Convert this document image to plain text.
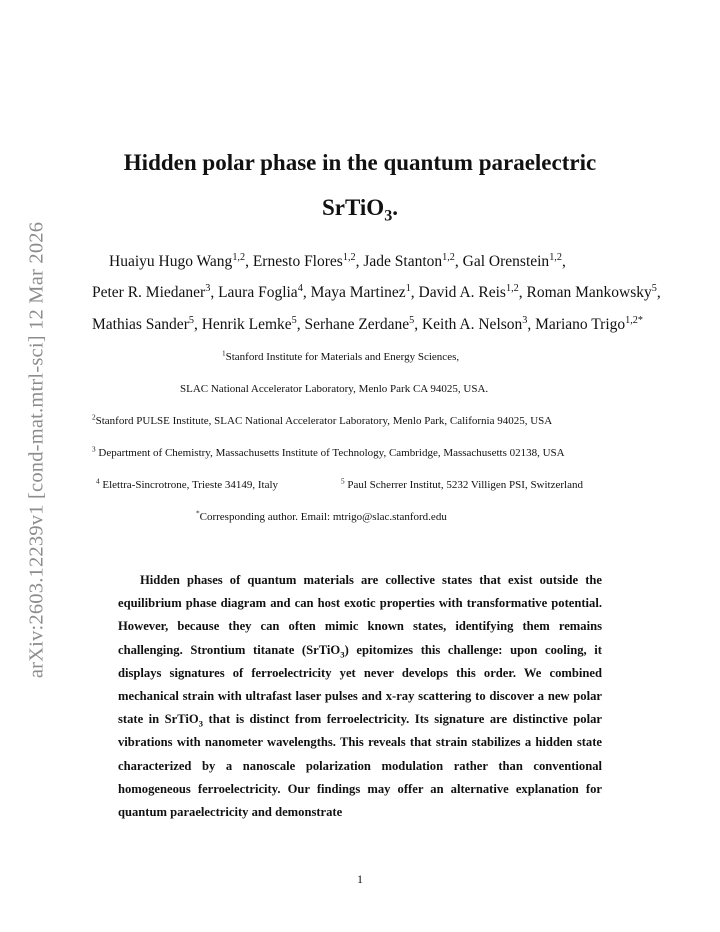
arXiv:2603.12239v1 [cond-mat.mtrl-sci] 12 Mar 2026
Hidden polar phase in the quantum paraelectric
SrTiO$_3$.
Huaiyu Hugo Wang$^{1,2}$, Ernesto Flores$^{1,2}$, Jade Stanton$^{1,2}$, Gal Orenstein$^{1,2}$,
Peter R. Miedaner$^3$, Laura Foglia$^4$, Maya Martinez$^1$, David A. Reis$^{1,2}$, Roman Mankowsky$^5$,
Mathias Sander$^5$, Henrik Lemke$^5$, Serhane Zerdane$^5$, Keith A. Nelson$^3$, Mariano Trigo$^{1,2*}$
$^1$Stanford Institute for Materials and Energy Sciences,
SLAC National Accelerator Laboratory, Menlo Park CA 94025, USA.
$^2$Stanford PULSE Institute, SLAC National Accelerator Laboratory, Menlo Park, California 94025, USA
$^3$ Department of Chemistry, Massachusetts Institute of Technology, Cambridge, Massachusetts 02138, USA
$^4$ Elettra-Sincrotrone, Trieste 34149, Italy	$^5$ Paul Scherrer Institut, 5232 Villigen PSI, Switzerland
*Corresponding author. Email: mtrigo@slac.stanford.edu

Hidden phases of quantum materials are collective states that exist outside the equilibrium phase diagram and can host exotic properties with transformative potential. However, because they can often mimic known states, identifying them remains challenging. Strontium titanate (SrTiO$_3$) epitomizes this challenge: upon cooling, it displays signatures of ferroelectricity yet never develops this order. We combined mechanical strain with ultrafast laser pulses and x-ray scattering to discover a new polar state in SrTiO$_3$ that is distinct from ferroelectricity. Its signature are distinctive polar vibrations with nanometer wavelengths. This reveals that strain stabilizes a hidden state characterized by a nanoscale polarization modulation rather than conventional homogeneous ferroelectricity. Our findings may offer an alternative explanation for quantum paraelectricity and demonstrate

1
